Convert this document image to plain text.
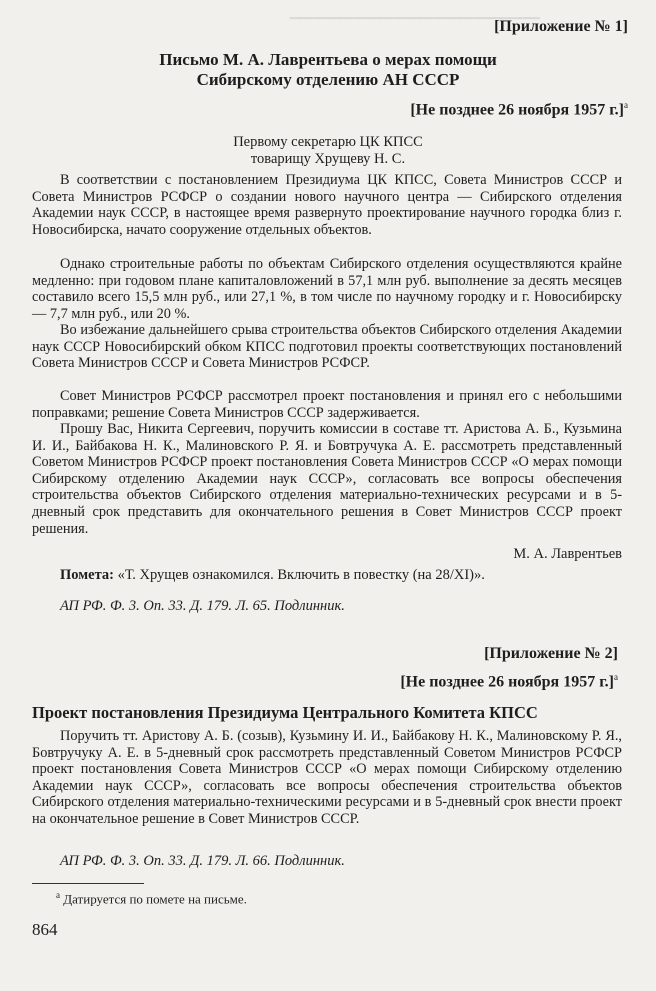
▁▁▁▁▁▁▁▁▁▁▁▁▁▁▁▁▁▁▁▁▁▁▁▁▁
[Приложение № 1]
Письмо М. А. Лаврентьева о мерах помощи
Сибирскому отделению АН СССР
[Не позднее 26 ноября 1957 г.]$^а$
Первому секретарю ЦК КПСС
товарищу Хрущеву Н. С.
В соответствии с постановлением Президиума ЦК КПСС, Совета Министров СССР и Совета Министров РСФСР о создании нового научного центра — Сибирского отделения Академии наук СССР, в настоящее время развернуто проектирование научного городка близ г. Новосибирска, начато сооружение отдельных объектов.
Однако строительные работы по объектам Сибирского отделения осуществляются крайне медленно: при годовом плане капиталовложений в 57,1 млн руб. выполнение за десять месяцев составило всего 15,5 млн руб., или 27,1 %, в том числе по научному городку и г. Новосибирску — 7,7 млн руб., или 20 %.
Во избежание дальнейшего срыва строительства объектов Сибирского отделения Академии наук СССР Новосибирский обком КПСС подготовил проекты соответствующих постановлений Совета Министров СССР и Совета Министров РСФСР.
Совет Министров РСФСР рассмотрел проект постановления и принял его с небольшими поправками; решение Совета Министров СССР задерживается.
Прошу Вас, Никита Сергеевич, поручить комиссии в составе тт. Аристова А. Б., Кузьмина И. И., Байбакова Н. К., Малиновского Р. Я. и Бовтручука А. Е. рассмотреть представленный Советом Министров РСФСР проект постановления Совета Министров СССР «О мерах помощи Сибирскому отделению Академии наук СССР», согласовать все вопросы обеспечения строительства объектов Сибирского отделения материально-технических ресурсами и в 5-дневный срок представить для окончательного решения в Совет Министров СССР проект решения.
М. А. Лаврентьев
Помета: «Т. Хрущев ознакомился. Включить в повестку (на 28/XI)».
АП РФ. Ф. 3. Оп. 33. Д. 179. Л. 65. Подлинник.
[Приложение № 2]
[Не позднее 26 ноября 1957 г.]$^а$
Проект постановления Президиума Центрального Комитета КПСС
Поручить тт. Аристову А. Б. (созыв), Кузьмину И. И., Байбакову Н. К., Малиновскому Р. Я., Бовтручуку А. Е. в 5-дневный срок рассмотреть представленный Советом Министров РСФСР проект постановления Совета Министров СССР «О мерах помощи Сибирскому отделению Академии наук СССР», согласовать все вопросы обеспечения строительства объектов Сибирского отделения материально-техническими ресурсами и в 5-дневный срок внести проект на окончательное решение в Совет Министров СССР.
АП РФ. Ф. 3. Оп. 33. Д. 179. Л. 66. Подлинник.
$^а$ Датируется по помете на письме.
864
